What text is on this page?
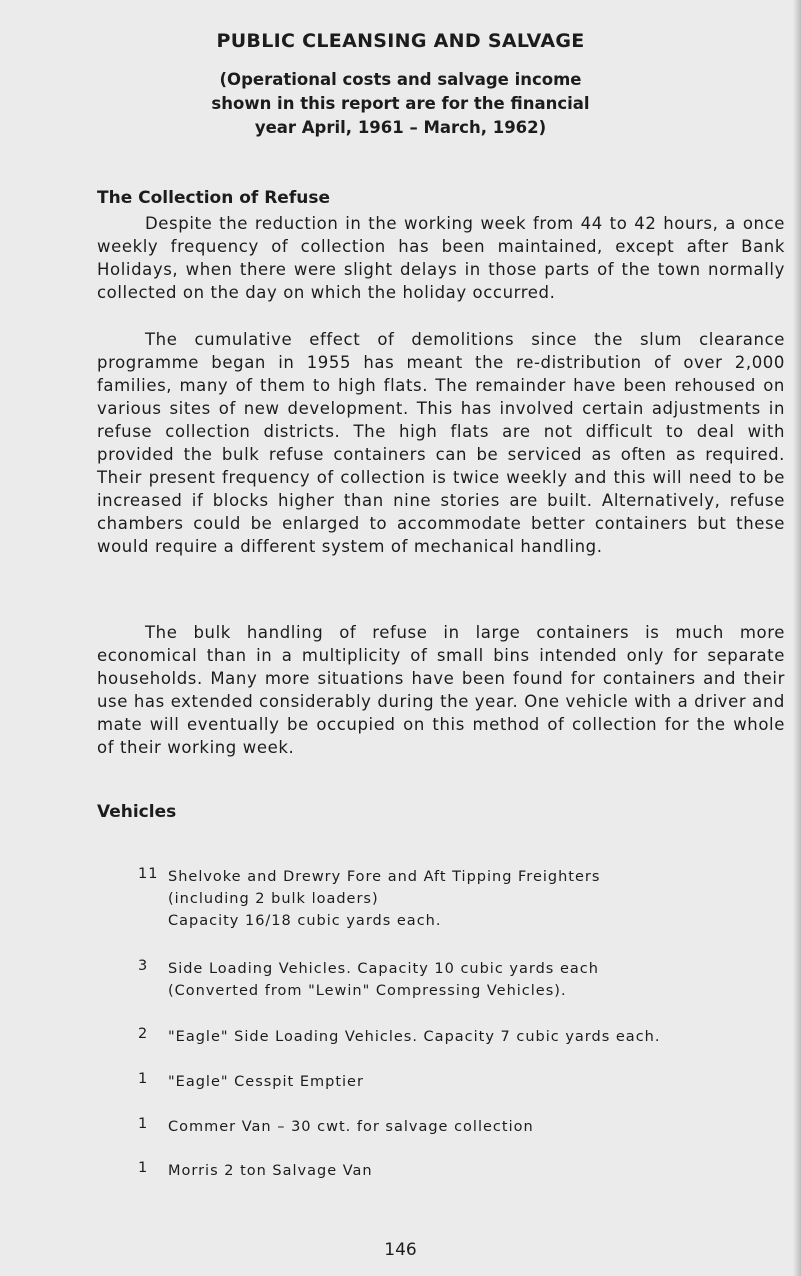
PUBLIC CLEANSING AND SALVAGE
(Operational costs and salvage income
shown in this report are for the financial
year April, 1961 – March, 1962)
The Collection of Refuse

Despite the reduction in the working week from 44 to 42 hours, a once weekly frequency of collection has been maintained, except after Bank Holidays, when there were slight delays in those parts of the town normally collected on the day on which the holiday occurred.

The cumulative effect of demolitions since the slum clearance programme began in 1955 has meant the re-distribution of over 2,000 families, many of them to high flats. The remainder have been rehoused on various sites of new development. This has involved certain adjustments in refuse collection districts. The high flats are not difficult to deal with provided the bulk refuse containers can be serviced as often as required. Their present frequency of collection is twice weekly and this will need to be increased if blocks higher than nine stories are built. Alternatively, refuse chambers could be enlarged to accommodate better containers but these would require a different system of mechanical handling.

The bulk handling of refuse in large containers is much more economical than in a multiplicity of small bins intended only for separate households. Many more situations have been found for containers and their use has extended considerably during the year. One vehicle with a driver and mate will eventually be occupied on this method of collection for the whole of their working week.

Vehicles
11 Shelvoke and Drewry Fore and Aft Tipping Freighters
(including 2 bulk loaders)
Capacity 16/18 cubic yards each.
3	Side Loading Vehicles. Capacity 10 cubic yards each
(Converted from "Lewin" Compressing Vehicles).
2	"Eagle" Side Loading Vehicles. Capacity 7 cubic yards each.
1	"Eagle" Cesspit Emptier
1	Commer Van – 30 cwt. for salvage collection
1	Morris 2 ton Salvage Van
146
